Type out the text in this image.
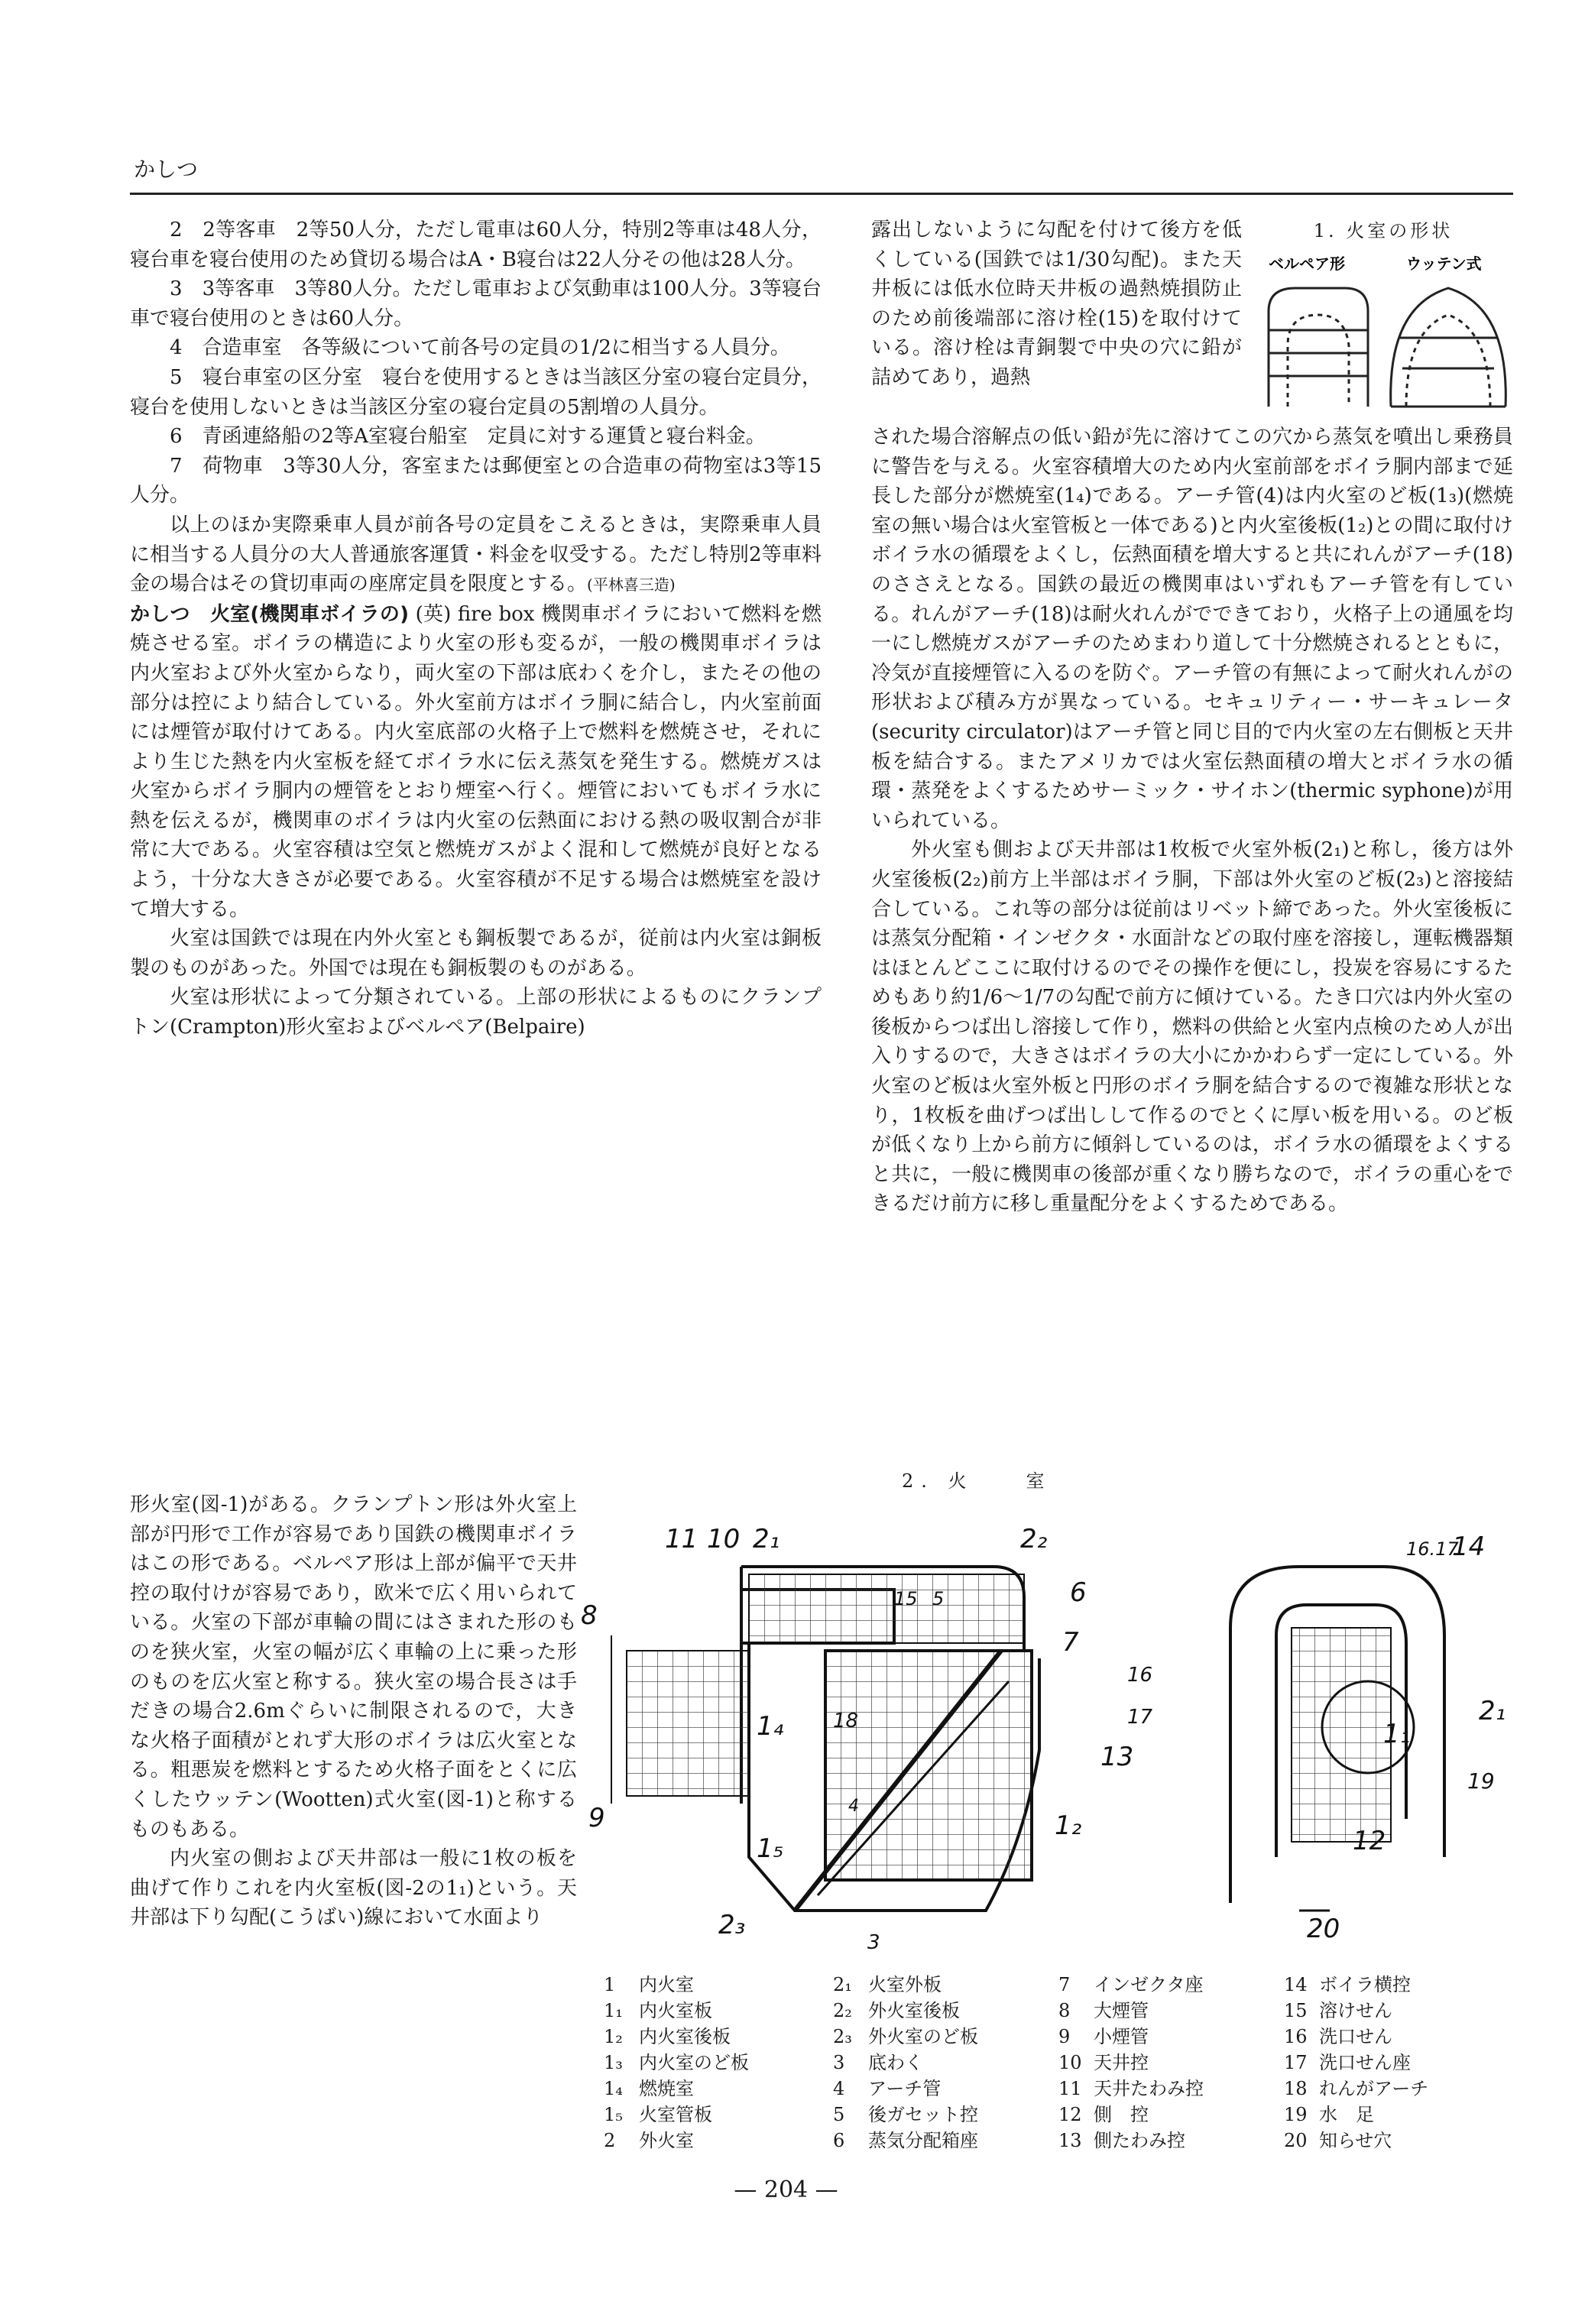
かしつ

2　2等客車　2等50人分，ただし電車は60人分，特別2等車は48人分，寝台車を寝台使用のため貸切る場合はA・B寝台は22人分その他は28人分。

3　3等客車　3等80人分。ただし電車および気動車は100人分。3等寝台車で寝台使用のときは60人分。

4　合造車室　各等級について前各号の定員の1/2に相当する人員分。

5　寝台車室の区分室　寝台を使用するときは当該区分室の寝台定員分，寝台を使用しないときは当該区分室の寝台定員の5割増の人員分。

6　青函連絡船の2等A室寝台船室　定員に対する運賃と寝台料金。

7　荷物車　3等30人分，客室または郵便室との合造車の荷物室は3等15人分。

以上のほか実際乗車人員が前各号の定員をこえるときは，実際乗車人員に相当する人員分の大人普通旅客運賃・料金を収受する。ただし特別2等車料金の場合はその貸切車両の座席定員を限度とする。(平林喜三造)

かしつ　火室(機関車ボイラの) (英) fire box 機関車ボイラにおいて燃料を燃焼させる室。ボイラの構造により火室の形も変るが，一般の機関車ボイラは内火室および外火室からなり，両火室の下部は底わくを介し，またその他の部分は控により結合している。外火室前方はボイラ胴に結合し，内火室前面には煙管が取付けてある。内火室底部の火格子上で燃料を燃焼させ，それにより生じた熱を内火室板を経てボイラ水に伝え蒸気を発生する。燃焼ガスは火室からボイラ胴内の煙管をとおり煙室へ行く。煙管においてもボイラ水に熱を伝えるが，機関車のボイラは内火室の伝熱面における熱の吸収割合が非常に大である。火室容積は空気と燃焼ガスがよく混和して燃焼が良好となるよう，十分な大きさが必要である。火室容積が不足する場合は燃焼室を設けて増大する。

火室は国鉄では現在内外火室とも鋼板製であるが，従前は内火室は銅板製のものがあった。外国では現在も銅板製のものがある。

火室は形状によって分類されている。上部の形状によるものにクランプトン(Crampton)形火室およびベルペア(Belpaire)

形火室(図-1)がある。クランプトン形は外火室上部が円形で工作が容易であり国鉄の機関車ボイラはこの形である。ベルペア形は上部が偏平で天井控の取付けが容易であり，欧米で広く用いられている。火室の下部が車輪の間にはさまれた形のものを狭火室，火室の幅が広く車輪の上に乗った形のものを広火室と称する。狭火室の場合長さは手だきの場合2.6mぐらいに制限されるので，大きな火格子面積がとれず大形のボイラは広火室となる。粗悪炭を燃料とするため火格子面をとくに広くしたウッテン(Wootten)式火室(図-1)と称するものもある。

内火室の側および天井部は一般に1枚の板を曲げて作りこれを内火室板(図-2の1₁)という。天井部は下り勾配(こうばい)線において水面より

露出しないように勾配を付けて後方を低くしている(国鉄では1/30勾配)。また天井板には低水位時天井板の過熱焼損防止のため前後端部に溶け栓(15)を取付けている。溶け栓は青銅製で中央の穴に鉛が詰めてあり，過熱

された場合溶解点の低い鉛が先に溶けてこの穴から蒸気を噴出し乗務員に警告を与える。火室容積増大のため内火室前部をボイラ胴内部まで延長した部分が燃焼室(1₄)である。アーチ管(4)は内火室のど板(1₃)(燃焼室の無い場合は火室管板と一体である)と内火室後板(1₂)との間に取付けボイラ水の循環をよくし，伝熱面積を増大すると共にれんがアーチ(18)のささえとなる。国鉄の最近の機関車はいずれもアーチ管を有している。れんがアーチ(18)は耐火れんがでできており，火格子上の通風を均一にし燃焼ガスがアーチのためまわり道して十分燃焼されるとともに，冷気が直接煙管に入るのを防ぐ。アーチ管の有無によって耐火れんがの形状および積み方が異なっている。セキュリティー・サーキュレータ(security circulator)はアーチ管と同じ目的で内火室の左右側板と天井板を結合する。またアメリカでは火室伝熱面積の増大とボイラ水の循環・蒸発をよくするためサーミック・サイホン(thermic syphone)が用いられている。

外火室も側および天井部は1枚板で火室外板(2₁)と称し，後方は外火室後板(2₂)前方上半部はボイラ胴，下部は外火室のど板(2₃)と溶接結合している。これ等の部分は従前はリベット締であった。外火室後板には蒸気分配箱・インゼクタ・水面計などの取付座を溶接し，運転機器類はほとんどここに取付けるのでその操作を便にし，投炭を容易にするためもあり約1/6～1/7の勾配で前方に傾けている。たき口穴は内外火室の後板からつば出し溶接して作り，燃料の供給と火室内点検のため人が出入りするので，大きさはボイラの大小にかかわらず一定にしている。外火室のど板は火室外板と円形のボイラ胴を結合するので複雑な形状となり，1枚板を曲げつば出しして作るのでとくに厚い板を用いる。のど板が低くなり上から前方に傾斜しているのは，ボイラ水の循環をよくすると共に，一般に機関車の後部が重くなり勝ちなので，ボイラの重心をできるだけ前方に移し重量配分をよくするためである。

1. 火室の形状
ベルペア形	ウッテン式
2. 火　　室
11 10 2₁	2₂
6
15 5
7
8
1₄ 18
9
1₅
2₃
3
4
1₂
16
17
13
16.17
14
2₁
1₁
19
12
20
1 内火室
1₁ 内火室板
1₂ 内火室後板
1₃ 内火室のど板
1₄ 燃焼室
1₅ 火室管板
2 外火室
2₁ 火室外板
2₂ 外火室後板
2₃ 外火室のど板
3 底わく
4 アーチ管
5 後ガセット控
6 蒸気分配箱座
7 インゼクタ座
8 大煙管
9 小煙管
10 天井控
11 天井たわみ控
12 側　控
13 側たわみ控
14 ボイラ横控
15 溶けせん
16 洗口せん
17 洗口せん座
18 れんがアーチ
19 水　足
20 知らせ穴
— 204 —
